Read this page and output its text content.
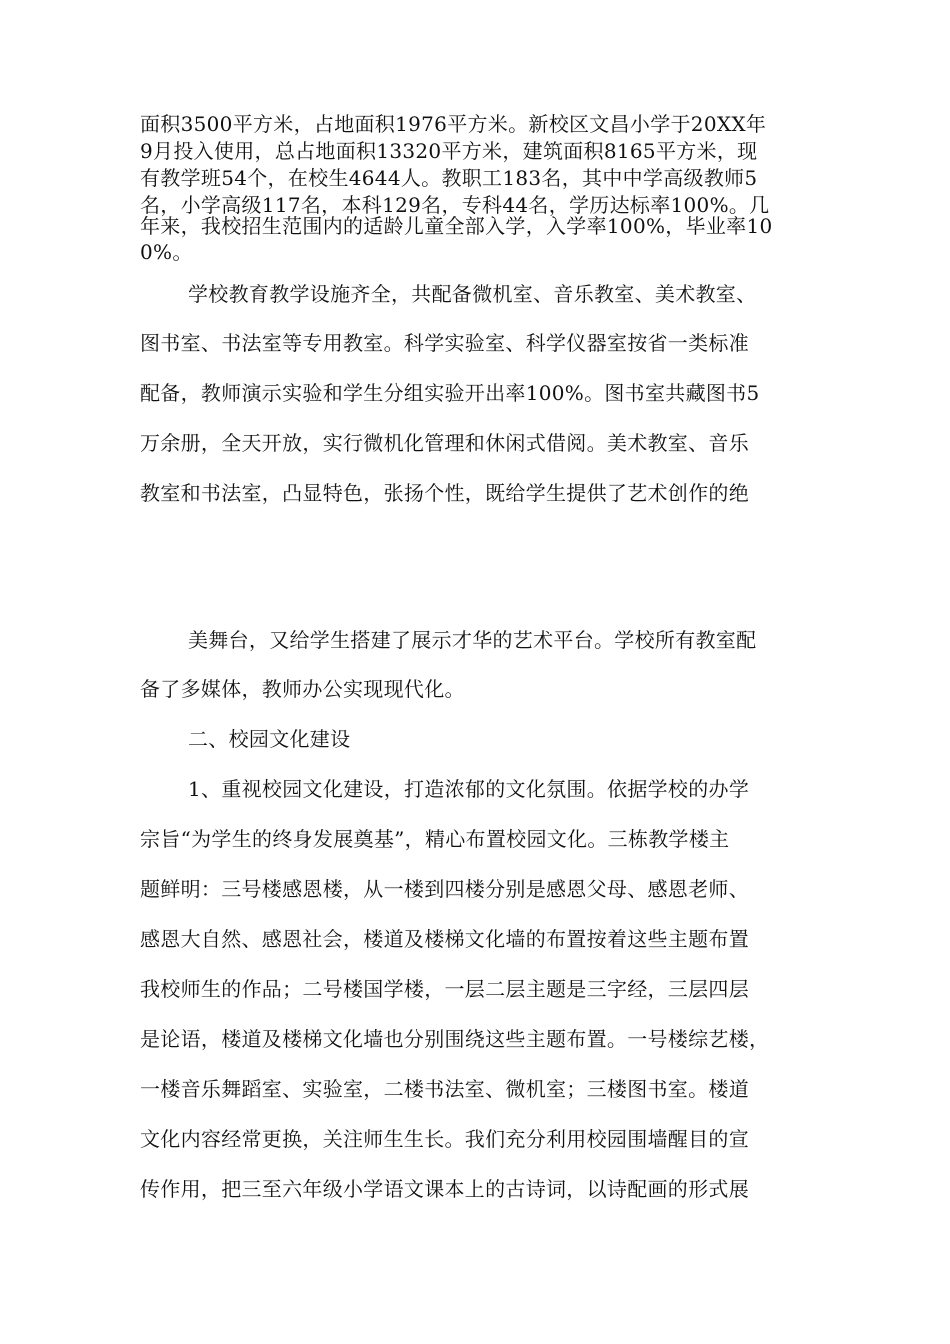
面积3500平方米，占地面积1976平方米。新校区文昌小学于20XX年
9月投入使用，总占地面积13320平方米，建筑面积8165平方米，现
有教学班54个，在校生4644人。教职工183名，其中中学高级教师5
名，小学高级117名，本科129名，专科44名，学历达标率100%。几
年来，我校招生范围内的适龄儿童全部入学，入学率100%，毕业率10
0%。
学校教育教学设施齐全，共配备微机室、音乐教室、美术教室、
图书室、书法室等专用教室。科学实验室、科学仪器室按省一类标准
配备，教师演示实验和学生分组实验开出率100%。图书室共藏图书5
万余册，全天开放，实行微机化管理和休闲式借阅。美术教室、音乐
教室和书法室，凸显特色，张扬个性，既给学生提供了艺术创作的绝
美舞台，又给学生搭建了展示才华的艺术平台。学校所有教室配
备了多媒体，教师办公实现现代化。
二、校园文化建设
1、重视校园文化建设，打造浓郁的文化氛围。依据学校的办学
宗旨“为学生的终身发展奠基”，精心布置校园文化。三栋教学楼主
题鲜明：三号楼感恩楼，从一楼到四楼分别是感恩父母、感恩老师、
感恩大自然、感恩社会，楼道及楼梯文化墙的布置按着这些主题布置
我校师生的作品；二号楼国学楼，一层二层主题是三字经，三层四层
是论语，楼道及楼梯文化墙也分别围绕这些主题布置。一号楼综艺楼，
一楼音乐舞蹈室、实验室，二楼书法室、微机室；三楼图书室。楼道
文化内容经常更换，关注师生生长。我们充分利用校园围墙醒目的宣
传作用，把三至六年级小学语文课本上的古诗词，以诗配画的形式展
